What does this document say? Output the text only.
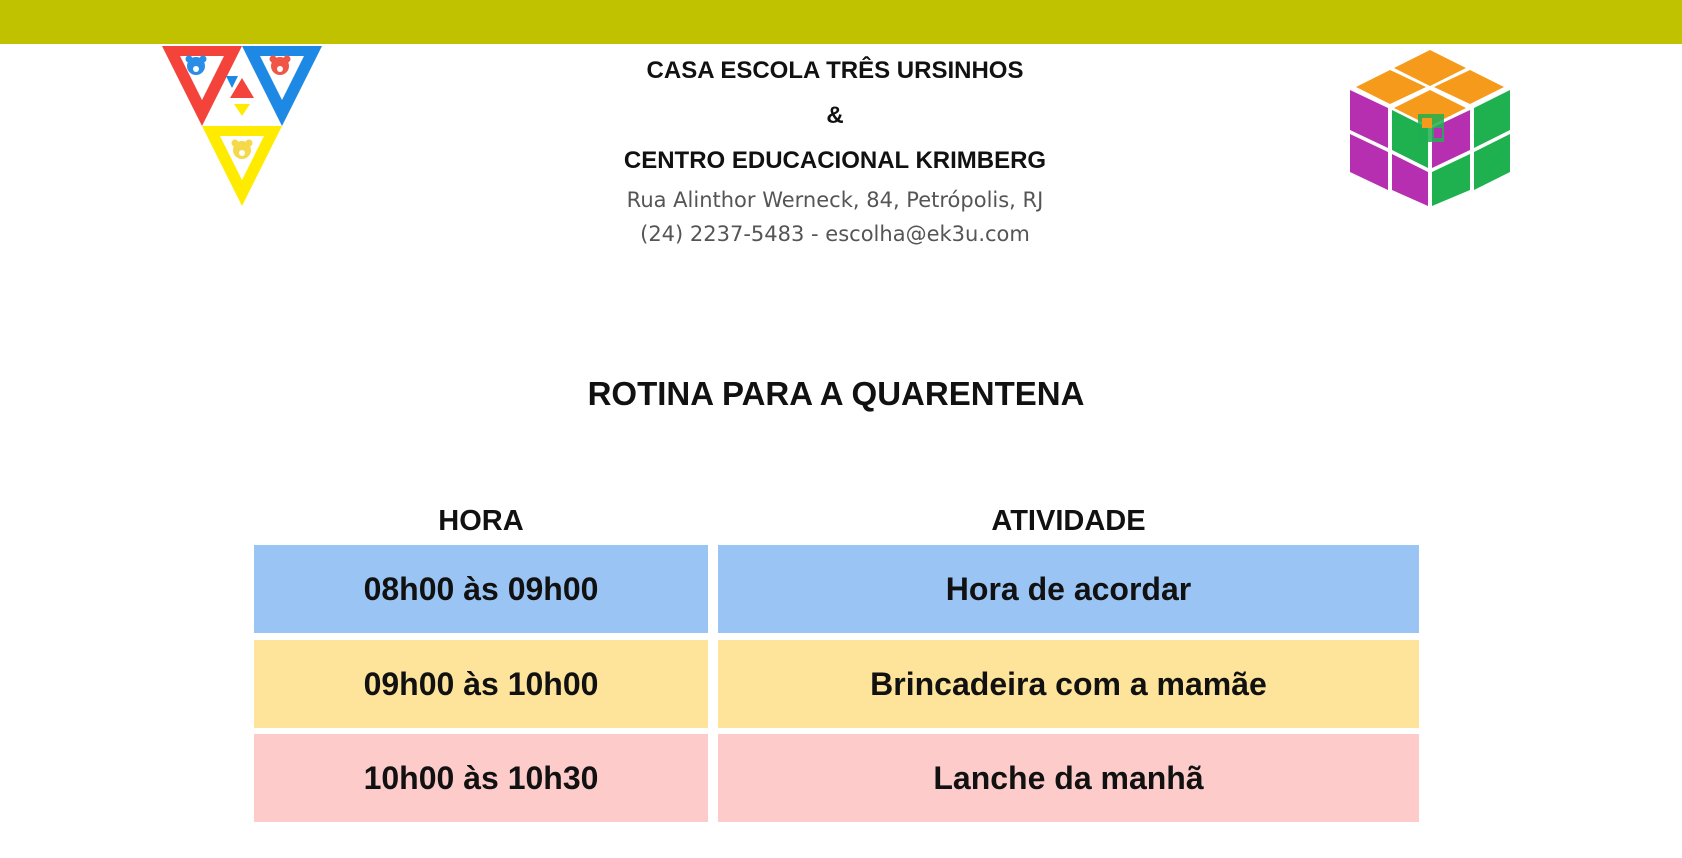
CASA ESCOLA TRÊS URSINHOS
&
CENTRO EDUCACIONAL KRIMBERG
Rua Alinthor Werneck, 84, Petrópolis, RJ
(24) 2237-5483 - escolha@ek3u.com
ROTINA PARA A QUARENTENA
HORA	ATIVIDADE
08h00 às 09h00	Hora de acordar
09h00 às 10h00	Brincadeira com a mamãe
10h00 às 10h30	Lanche da manhã
